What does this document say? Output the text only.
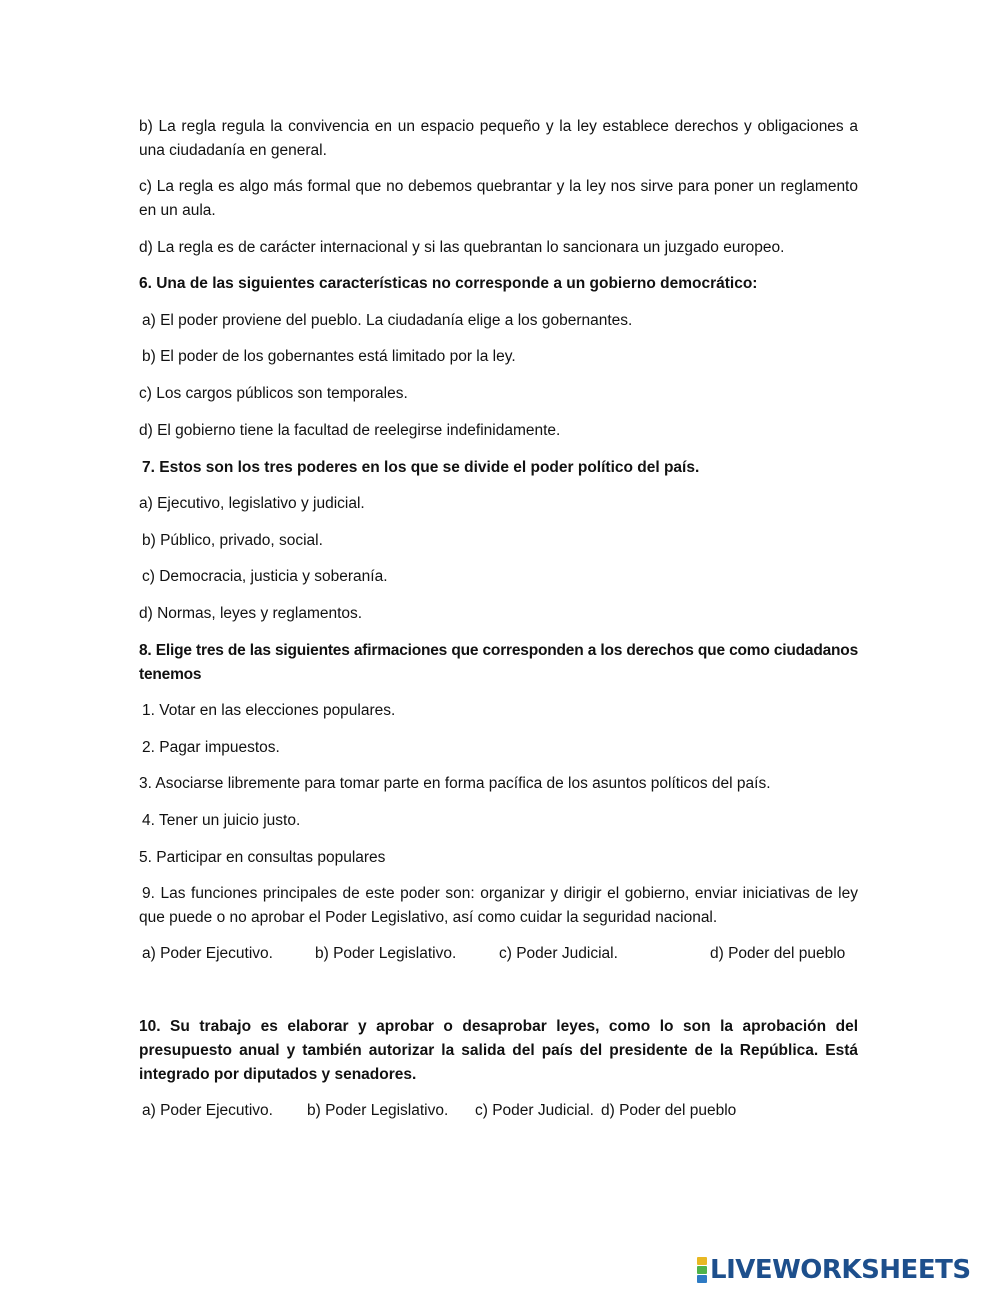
b) La regla regula la convivencia en un espacio pequeño y la ley establece derechos y obligaciones a una ciudadanía en general.
c) La regla es algo más formal que no debemos quebrantar y la ley nos sirve para poner un reglamento en un aula.
d) La regla es de carácter internacional y si las quebrantan lo sancionara un juzgado europeo.
6. Una de las siguientes características no corresponde a un gobierno democrático:
a) El poder proviene del pueblo. La ciudadanía elige a los gobernantes.
b) El poder de los gobernantes está limitado por la ley.
c) Los cargos públicos son temporales.
d) El gobierno tiene la facultad de reelegirse indefinidamente.
7. Estos son los tres poderes en los que se divide el poder político del país.
a) Ejecutivo, legislativo y judicial.
b) Público, privado, social.
c) Democracia, justicia y soberanía.
d) Normas, leyes y reglamentos.
8. Elige tres de las siguientes afirmaciones que corresponden a los derechos que como ciudadanos tenemos
1. Votar en las elecciones populares.
2. Pagar impuestos.
3. Asociarse libremente para tomar parte en forma pacífica de los asuntos políticos del país.
4. Tener un juicio justo.
5. Participar en consultas populares
9. Las funciones principales de este poder son: organizar y dirigir el gobierno, enviar iniciativas de ley que puede o no aprobar el Poder Legislativo, así como cuidar la seguridad nacional.
a) Poder Ejecutivo.	b) Poder Legislativo.	c) Poder Judicial.	d) Poder del pueblo
10. Su trabajo es elaborar y aprobar o desaprobar leyes, como lo son la aprobación del presupuesto anual y también autorizar la salida del país del presidente de la República. Está integrado por diputados y senadores.
a) Poder Ejecutivo. b) Poder Legislativo. c) Poder Judicial. d) Poder del pueblo
LIVEWORKSHEETS
